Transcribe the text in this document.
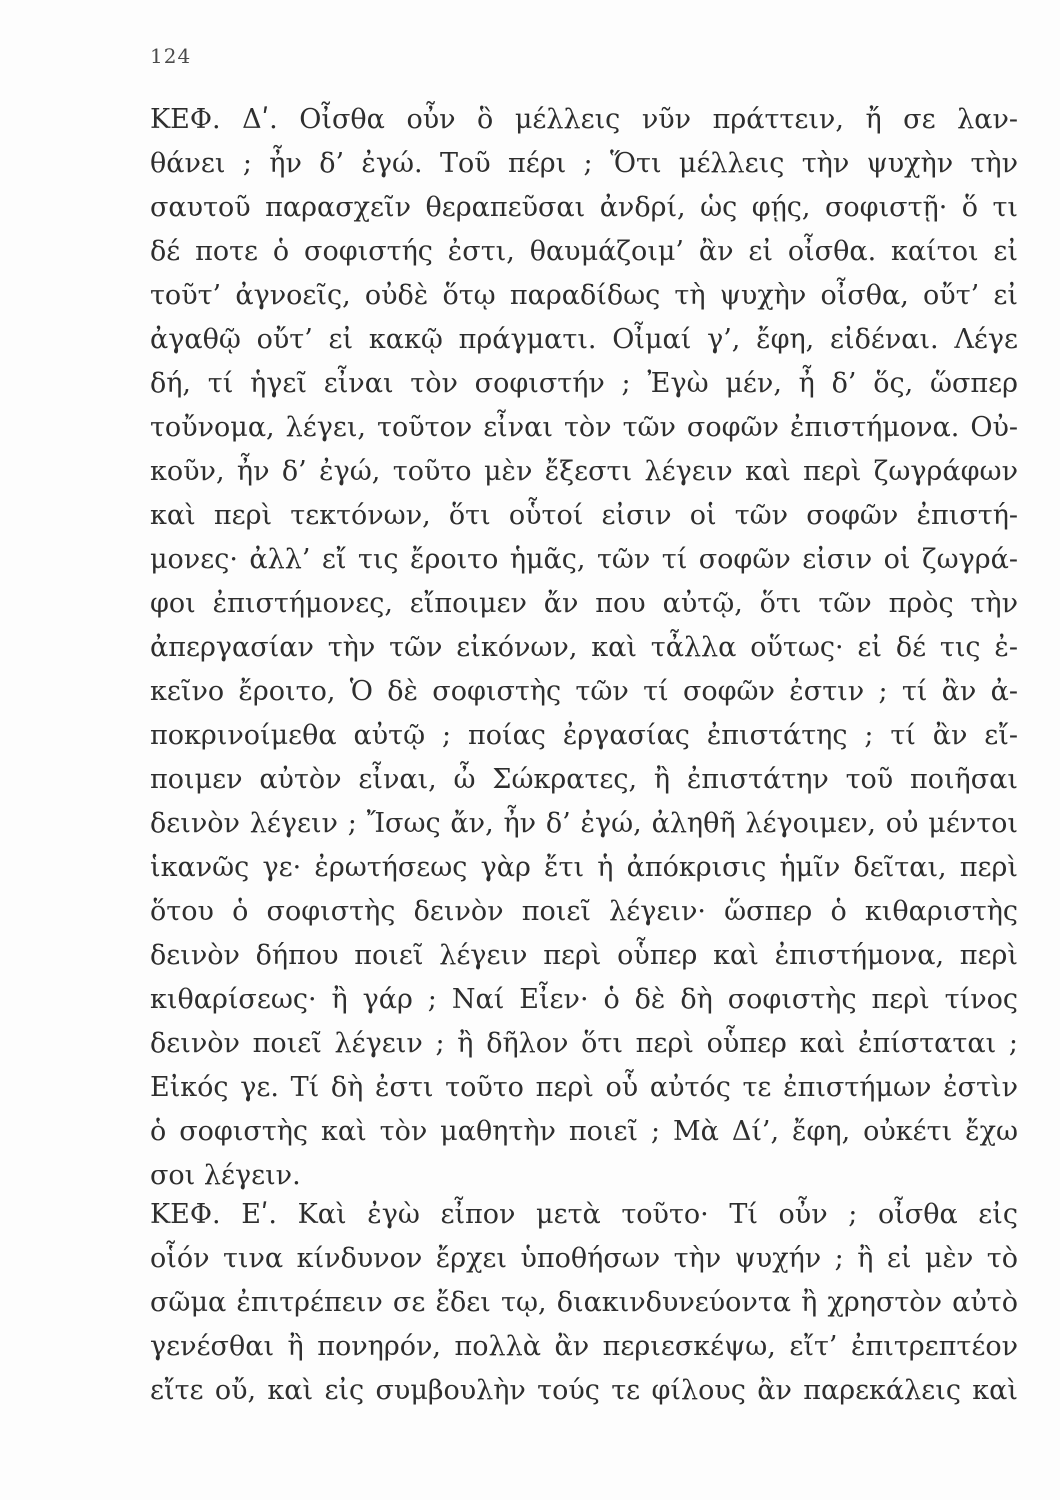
124
ΚΕΦ. Δʹ. Οἶσθα οὖν ὃ μέλλεις νῦν πράττειν, ἤ σε λαν-
θάνει ; ἦν δ’ ἐγώ. Τοῦ πέρι ; Ὅτι μέλλεις τὴν ψυχὴν τὴν
σαυτοῦ παρασχεῖν θεραπεῦσαι ἀνδρί, ὡς φῄς, σοφιστῇ· ὅ τι
δέ ποτε ὁ σοφιστής ἐστι, θαυμάζοιμ’ ἂν εἰ οἶσθα. καίτοι εἰ
τοῦτ’ ἀγνοεῖς, οὐδὲ ὅτῳ παραδίδως τὴ ψυχὴν οἶσθα, οὔτ’ εἰ
ἀγαθῷ οὔτ’ εἰ κακῷ πράγματι. Οἶμαί γ’, ἔφη, εἰδέναι. Λέγε
δή, τί ἡγεῖ εἶναι τὸν σοφιστήν ; Ἐγὼ μέν, ἦ δ’ ὅς, ὥσπερ
τοὔνομα, λέγει, τοῦτον εἶναι τὸν τῶν σοφῶν ἐπιστήμονα. Οὐ-
κοῦν, ἦν δ’ ἐγώ, τοῦτο μὲν ἔξεστι λέγειν καὶ περὶ ζωγράφων
καὶ περὶ τεκτόνων, ὅτι οὗτοί εἰσιν οἱ τῶν σοφῶν ἐπιστή-
μονες· ἀλλ’ εἴ τις ἔροιτο ἡμᾶς, τῶν τί σοφῶν εἰσιν οἱ ζωγρά-
φοι ἐπιστήμονες, εἴποιμεν ἄν που αὐτῷ, ὅτι τῶν πρὸς τὴν
ἀπεργασίαν τὴν τῶν εἰκόνων, καὶ τἆλλα οὕτως· εἰ δέ τις ἐ-
κεῖνο ἔροιτο, Ὁ δὲ σοφιστὴς τῶν τί σοφῶν ἐστιν ; τί ἂν ἀ-
ποκρινοίμεθα αὐτῷ ; ποίας ἐργασίας ἐπιστάτης ; τί ἂν εἴ-
ποιμεν αὐτὸν εἶναι, ὦ Σώκρατες, ἢ ἐπιστάτην τοῦ ποιῆσαι
δεινὸν λέγειν ; Ἴσως ἄν, ἦν δ’ ἐγώ, ἀληθῆ λέγοιμεν, οὐ μέντοι
ἱκανῶς γε· ἐρωτήσεως γὰρ ἔτι ἡ ἀπόκρισις ἡμῖν δεῖται, περὶ
ὅτου ὁ σοφιστὴς δεινὸν ποιεῖ λέγειν· ὥσπερ ὁ κιθαριστὴς
δεινὸν δήπου ποιεῖ λέγειν περὶ οὗπερ καὶ ἐπιστήμονα, περὶ
κιθαρίσεως· ἢ γάρ ; Ναί Εἶεν· ὁ δὲ δὴ σοφιστὴς περὶ τίνος
δεινὸν ποιεῖ λέγειν ; ἢ δῆλον ὅτι περὶ οὗπερ καὶ ἐπίσταται ;
Εἰκός γε. Τί δὴ ἐστι τοῦτο περὶ οὗ αὐτός τε ἐπιστήμων ἐστὶν
ὁ σοφιστὴς καὶ τὸν μαθητὴν ποιεῖ ; Μὰ Δί’, ἔφη, οὐκέτι ἔχω
σοι λέγειν.
ΚΕΦ. Εʹ. Καὶ ἐγὼ εἶπον μετὰ τοῦτο· Τί οὖν ; οἶσθα εἰς
οἷόν τινα κίνδυνον ἔρχει ὑποθήσων τὴν ψυχήν ; ἢ εἰ μὲν τὸ
σῶμα ἐπιτρέπειν σε ἔδει τῳ, διακινδυνεύοντα ἢ χρηστὸν αὐτὸ
γενέσθαι ἢ πονηρόν, πολλὰ ἂν περιεσκέψω, εἴτ’ ἐπιτρεπτέον
εἴτε οὔ, καὶ εἰς συμβουλὴν τούς τε φίλους ἂν παρεκάλεις καὶ
